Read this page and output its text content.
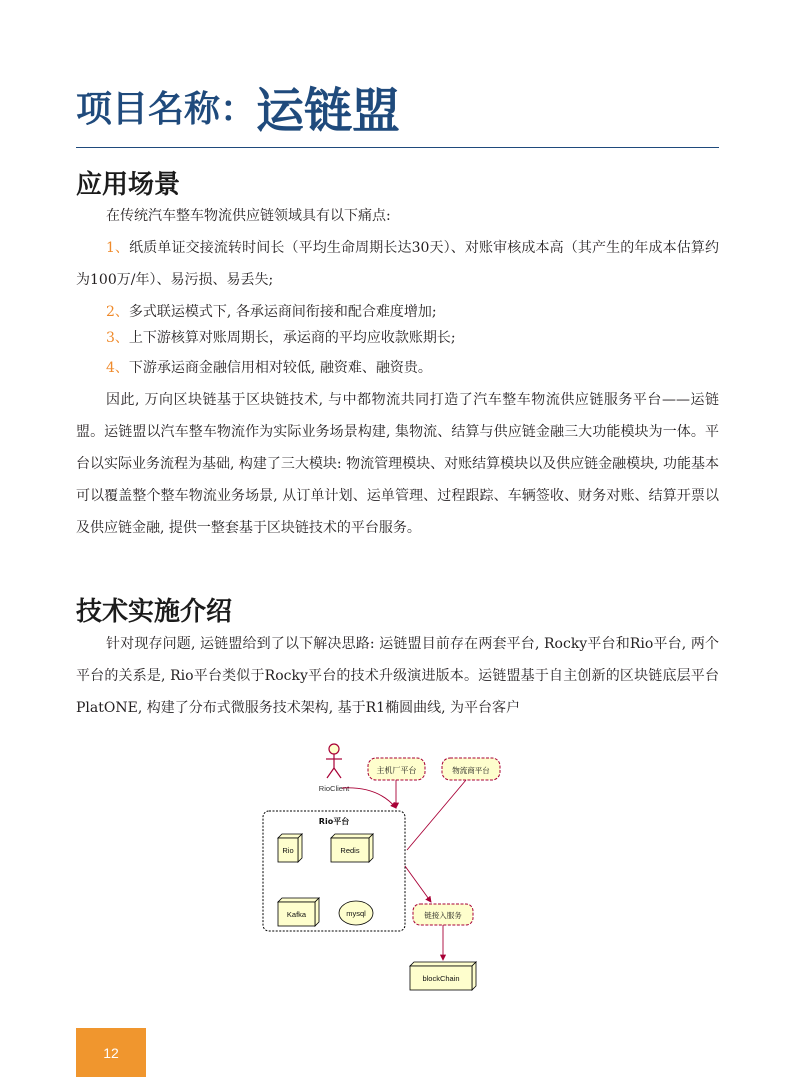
项目名称：运链盟
应用场景

在传统汽车整车物流供应链领域具有以下痛点:

1、纸质单证交接流转时间长（平均生命周期长达30天）、对账审核成本高（其产生的年成本估算约为100万/年）、易污损、易丢失;

2、多式联运模式下, 各承运商间衔接和配合难度增加;

3、上下游核算对账周期长，承运商的平均应收款账期长;

4、下游承运商金融信用相对较低, 融资难、融资贵。

因此, 万向区块链基于区块链技术, 与中都物流共同打造了汽车整车物流供应链服务平台——运链盟。运链盟以汽车整车物流作为实际业务场景构建, 集物流、结算与供应链金融三大功能模块为一体。平台以实际业务流程为基础, 构建了三大模块: 物流管理模块、对账结算模块以及供应链金融模块, 功能基本可以覆盖整个整车物流业务场景, 从订单计划、运单管理、过程跟踪、车辆签收、财务对账、结算开票以及供应链金融, 提供一整套基于区块链技术的平台服务。

技术实施介绍

针对现存问题, 运链盟给到了以下解决思路: 运链盟目前存在两套平台, Rocky平台和Rio平台, 两个平台的关系是, Rio平台类似于Rocky平台的技术升级演进版本。运链盟基于自主创新的区块链底层平台PlatONE, 构建了分布式微服务技术架构, 基于R1椭圆曲线, 为平台客户

RioClient
主机厂平台	物流商平台
Rio平台
Rio	Redis
Kafka	mysql	链接入服务
blockChain
12
